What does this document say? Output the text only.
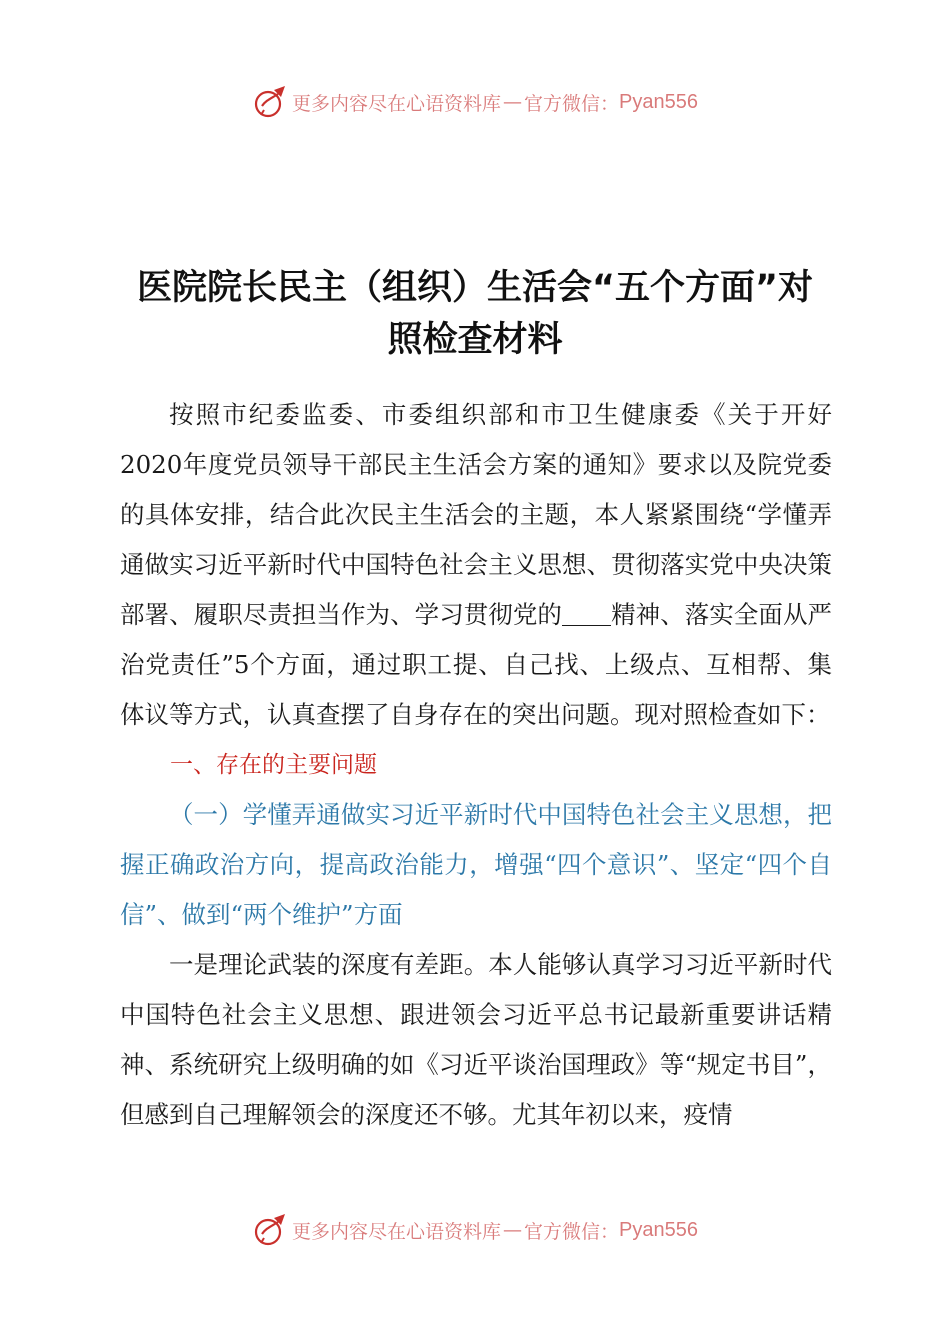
更多内容尽在心语资料库 — 官方微信： Pyan556
医院院长民主（组织）生活会“五个方面”对
照检查材料

按照市纪委监委、市委组织部和市卫生健康委《关于开好2020年度党员领导干部民主生活会方案的通知》要求以及院党委的具体安排，结合此次民主生活会的主题，本人紧紧围绕“学懂弄通做实习近平新时代中国特色社会主义思想、贯彻落实党中央决策部署、履职尽责担当作为、学习贯彻党的＿＿精神、落实全面从严治党责任”5个方面，通过职工提、自己找、上级点、互相帮、集体议等方式，认真查摆了自身存在的突出问题。现对照检查如下：

一、存在的主要问题

（一）学懂弄通做实习近平新时代中国特色社会主义思想，把握正确政治方向，提高政治能力，增强“四个意识”、坚定“四个自信”、做到“两个维护”方面

一是理论武装的深度有差距。本人能够认真学习习近平新时代中国特色社会主义思想、跟进领会习近平总书记最新重要讲话精神、系统研究上级明确的如《习近平谈治国理政》等“规定书目”，但感到自己理解领会的深度还不够。尤其年初以来，疫情

更多内容尽在心语资料库 — 官方微信： Pyan556
